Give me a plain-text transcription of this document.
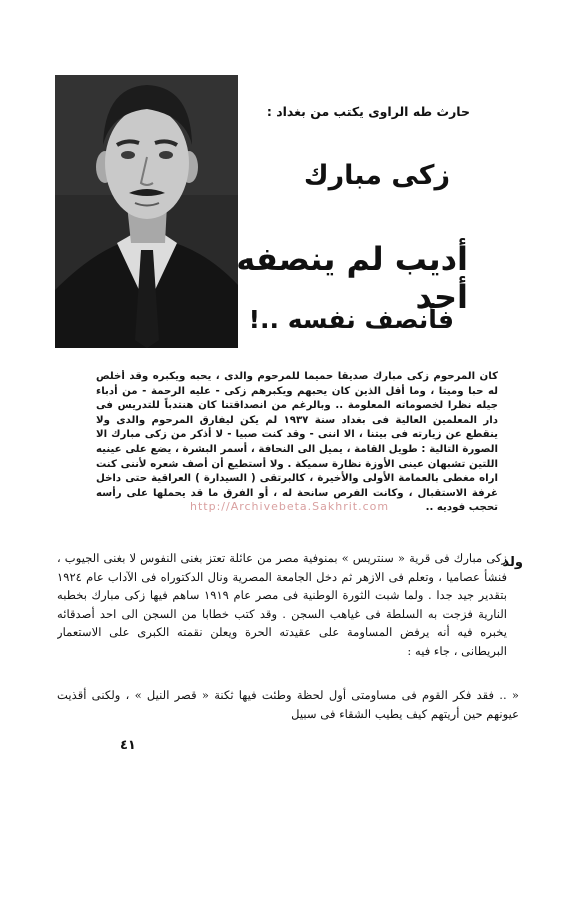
حارث طه الراوى يكتب من بغداد :
زكى مبارك
أديب لم ينصفه أحد
فأنصف نفسه ..!
كان المرحوم زكى مبارك صديقا حميما للمرحوم والدى ، يحبه ويكبره وقد أخلص له حبا وميتا ، وما أقل الذين كان يحبهم ويكبرهم زكى - عليه الرحمة - من أدباء جيله نظرا لخصوماته المعلومة .. وبالرغم من انصداقتنا كان هنتدباً للتدريس فى دار المعلمين العالية فى بغداد سنة ١٩٣٧ لم يكن ليفارق المرحوم والدى ولا ينقطع عن زيارته فى بيتنا ، الا اننى - وقد كنت صبيا - لا أذكر من زكى مبارك الا الصورة التالية : طويل القامة ، يميل الى النحافة ، أسمر البشرة ، يضع على عينيه اللتين تشبهان عينى الأوزة نظارة سميكة . ولا أستطيع أن أصف شعره لأننى كنت اراه مغطى بالعمامة الأولى والأخيرة ، كالبرتقى ( السيدارة ) العراقية حتى داخل غرفة الاستقبال ، وكانت الفرص سانحة له ، أو الفرق ما قد يحملها على رأسه تحجب فوديه ..
http://Archivebeta.Sakhrit.com
ولد
زكى مبارك فى قرية « سنتريس » بمنوفية مصر من عائلة تعتز بغنى النفوس لا بغنى الجيوب ، فنشأ عصاميا ، وتعلم فى الازهر ثم دخل الجامعة المصرية ونال الدكتوراه فى الآداب عام ١٩٢٤ بتقدير جيد جدا . ولما شبت الثورة الوطنية فى مصر عام ١٩١٩ ساهم فيها زكى مبارك بخطبه النارية فزجت به السلطة فى غياهب السجن . وقد كتب خطابا من السجن الى احد أصدقائه يخبره فيه أنه يرفض المساومة على عقيدته الحرة ويعلن نقمته الكبرى على الاستعمار البريطانى ، جاء فيه :
« .. فقد فكر القوم فى مساومتى أول لحظة وطئت فيها ثكنة « قصر النيل » ، ولكنى أقذيت عيونهم حين أريتهم كيف يطيب الشقاء فى سبيل
٤١
